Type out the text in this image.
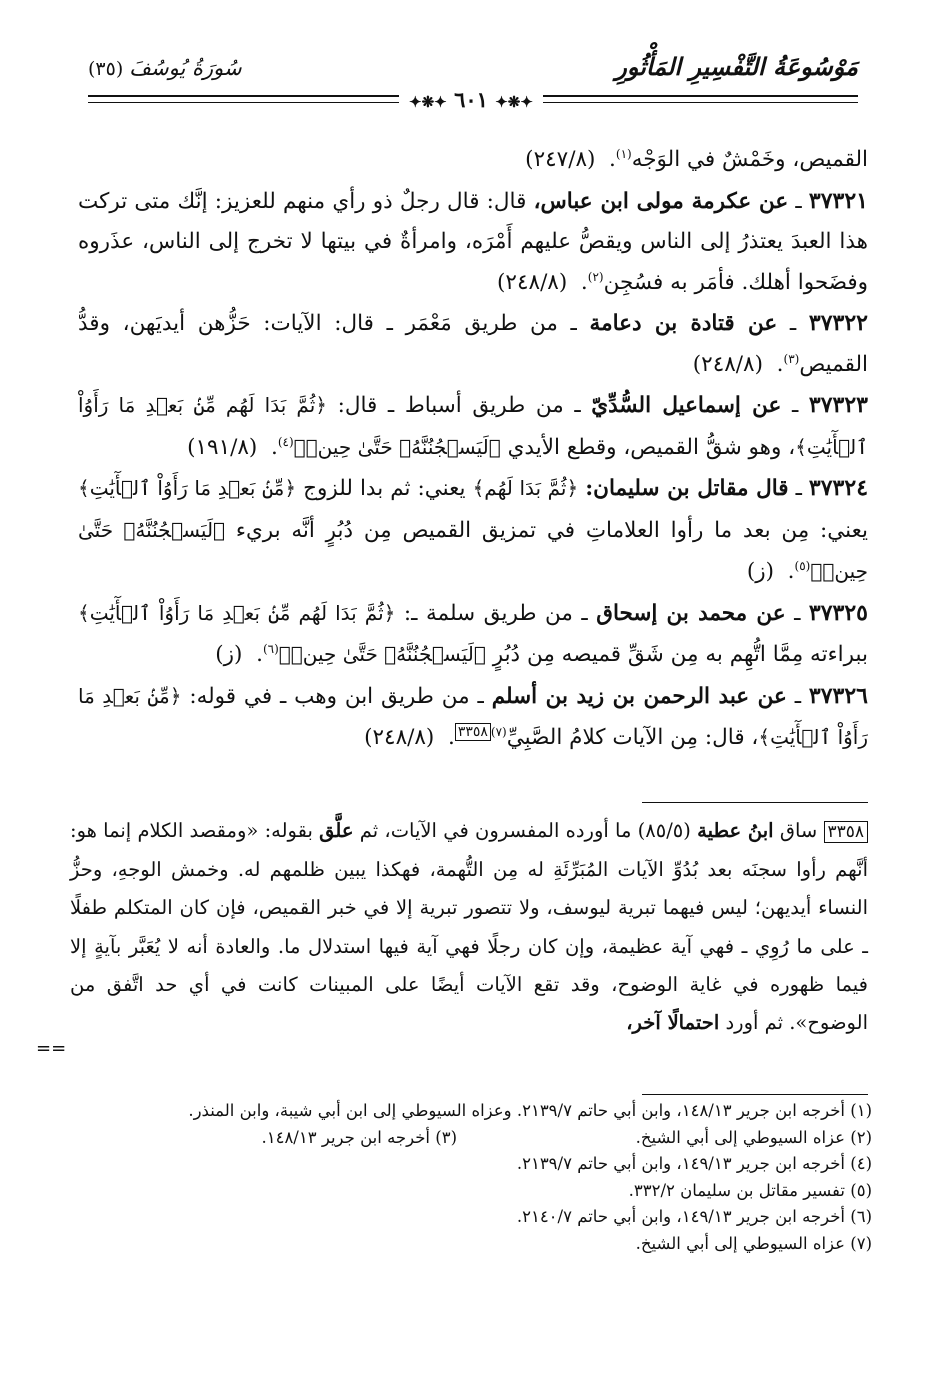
مَوْسُوعَةُ التَّفْسِيرِ المَأْثُورِ
سُورَةُ يُوسُفَ(٣٥)
✦❋✦ ٦٠١ ✦❋✦

القميص، وخَمْشٌ في الوَجْه$^{(١)}$.  (٢٤٧/٨)

٣٧٣٢١ ـ عن عكرمة مولى ابن عباس، قال: قال رجلٌ ذو رأي منهم للعزيز: إنَّك متى تركت هذا العبدَ يعتذرُ إلى الناس ويقصُّ عليهم أَمْرَه، وامرأةٌ في بيتها لا تخرج إلى الناس، عذَروه وفضَحوا أهلك. فأمَر به فسُجِن$^{(٢)}$.  (٢٤٨/٨)

٣٧٣٢٢ ـ عن قتادة بن دعامة ـ من طريق مَعْمَر ـ قال: الآيات: حَزُّهن أيديَهن، وقدُّ القميص$^{(٣)}$.  (٢٤٨/٨)

٣٧٣٢٣ ـ عن إسماعيل السُّدِّيّ ـ من طريق أسباط ـ قال: ﴿ثُمَّ بَدَا لَهُم مِّنۢ بَعۡدِ مَا رَأَوُاْ ٱلۡأٓيَٰتِ﴾، وهو شقُّ القميص، وقطع الأيدي ﴿لَيَسۡجُنُنَّهُۥ حَتَّىٰ حِينٖ﴾$^{(٤)}$.  (١٩١/٨)

٣٧٣٢٤ ـ قال مقاتل بن سليمان: ﴿ثُمَّ بَدَا لَهُم﴾ يعني: ثم بدا للزوج ﴿مِّنۢ بَعۡدِ مَا رَأَوُاْ ٱلۡأٓيَٰتِ﴾ يعني: مِن بعد ما رأوا العلاماتِ في تمزيق القميص مِن دُبُرٍ أنَّه بريء ﴿لَيَسۡجُنُنَّهُۥ حَتَّىٰ حِينٖ﴾$^{(٥)}$.  (ز)

٣٧٣٢٥ ـ عن محمد بن إسحاق ـ من طريق سلمة ـ: ﴿ثُمَّ بَدَا لَهُم مِّنۢ بَعۡدِ مَا رَأَوُاْ ٱلۡأٓيَٰتِ﴾ ببراءته مِمَّا اتُّهِم به مِن شَقِّ قميصه مِن دُبُرٍ ﴿لَيَسۡجُنُنَّهُۥ حَتَّىٰ حِينٖ﴾$^{(٦)}$.  (ز)

٣٧٣٢٦ ـ عن عبد الرحمن بن زيد بن أسلم ـ من طريق ابن وهب ـ في قوله: ﴿مِّنۢ بَعۡدِ مَا رَأَوُاْ ٱلۡأٓيَٰتِ﴾، قال: مِن الآيات كلامُ الصَّبِيِّ$^{(٧)٣٣٥٨}$.  (٢٤٨/٨)

٣٣٥٨ ساق ابنُ عطية (٨٥/٥) ما أورده المفسرون في الآيات، ثم علَّق بقوله: «ومقصد الكلام إنما هو: أنَّهم رأوا سجنَه بعد بُدُوِّ الآيات المُبَرِّئَةِ له مِن التُّهمة، فهكذا يبين ظلمهم له. وخمش الوجهِ، وحزُّ النساء أيديهن؛ ليس فيهما تبرية ليوسف، ولا تتصور تبرية إلا في خبر القميص، فإن كان المتكلم طفلًا ـ على ما رُوِي ـ فهي آية عظيمة، وإن كان رجلًا فهي آية فيها استدلال ما. والعادة أنه لا يُعَبَّر بآيةٍ إلا فيما ظهوره في غاية الوضوح، وقد تقع الآيات أيضًا على المبينات كانت في أي حد اتَّفق من الوضوح». ثم أورد احتمالًا آخر،

==

(١) أخرجه ابن جرير ١٤٨/١٣، وابن أبي حاتم ٢١٣٩/٧. وعزاه السيوطي إلى ابن أبي شيبة، وابن المنذر.

(٢) عزاه السيوطي إلى أبي الشيخ.
(٣) أخرجه ابن جرير ١٤٨/١٣.

(٤) أخرجه ابن جرير ١٤٩/١٣، وابن أبي حاتم ٢١٣٩/٧.

(٥) تفسير مقاتل بن سليمان ٣٣٢/٢.

(٦) أخرجه ابن جرير ١٤٩/١٣، وابن أبي حاتم ٢١٤٠/٧.

(٧) عزاه السيوطي إلى أبي الشيخ.
